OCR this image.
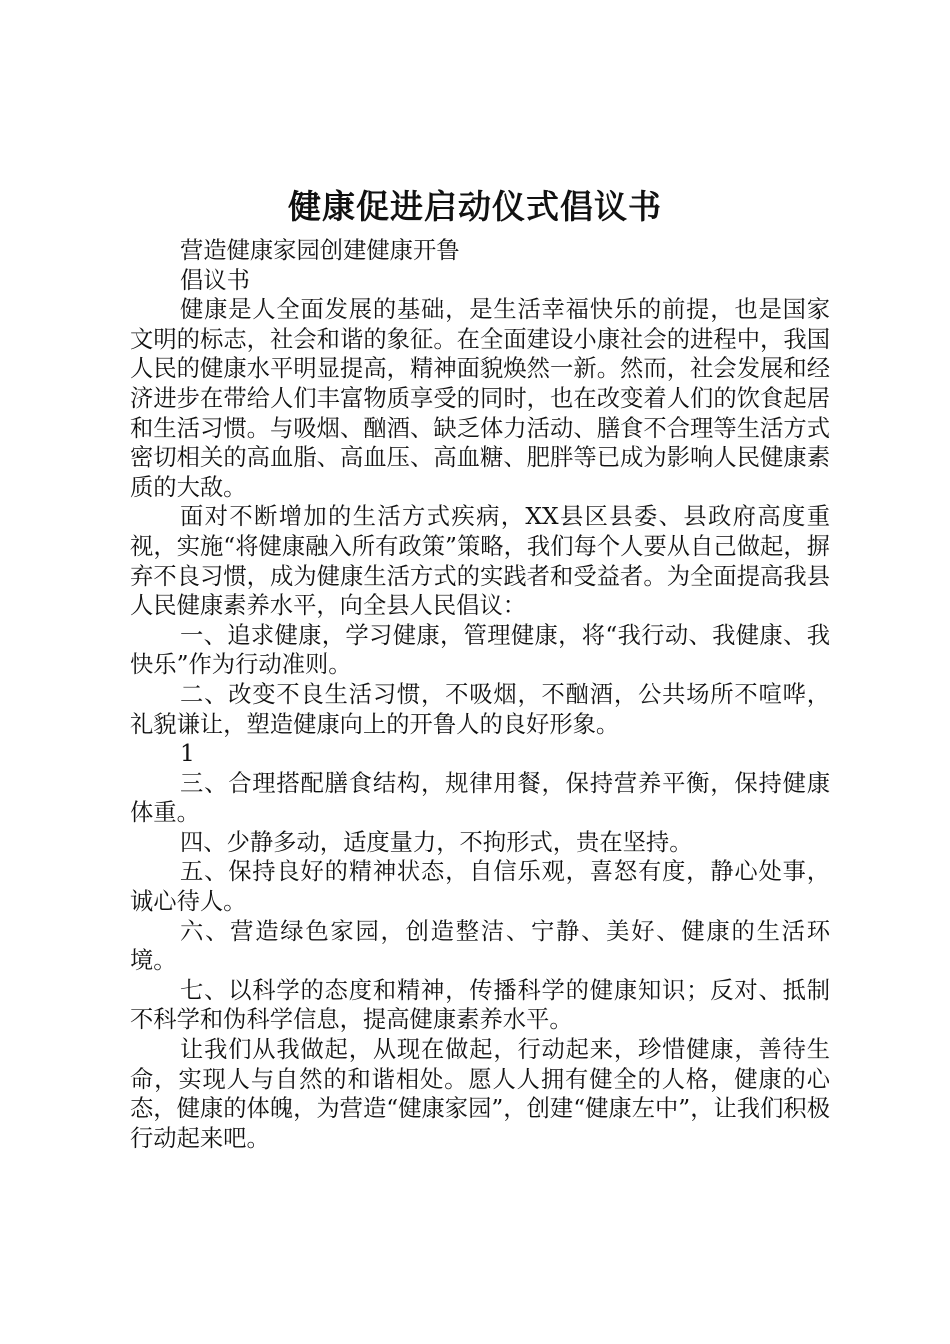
健康促进启动仪式倡议书

营造健康家园创建健康开鲁

倡议书

健康是人全面发展的基础，是生活幸福快乐的前提，也是国家文明的标志，社会和谐的象征。在全面建设小康社会的进程中，我国人民的健康水平明显提高，精神面貌焕然一新。然而，社会发展和经济进步在带给人们丰富物质享受的同时，也在改变着人们的饮食起居和生活习惯。与吸烟、酗酒、缺乏体力活动、膳食不合理等生活方式密切相关的高血脂、高血压、高血糖、肥胖等已成为影响人民健康素质的大敌。

面对不断增加的生活方式疾病，XX县区县委、县政府高度重视，实施“将健康融入所有政策”策略，我们每个人要从自己做起，摒弃不良习惯，成为健康生活方式的实践者和受益者。为全面提高我县人民健康素养水平，向全县人民倡议：

一、追求健康，学习健康，管理健康，将“我行动、我健康、我快乐”作为行动准则。

二、改变不良生活习惯，不吸烟，不酗酒，公共场所不喧哗，礼貌谦让，塑造健康向上的开鲁人的良好形象。

1

三、合理搭配膳食结构，规律用餐，保持营养平衡，保持健康体重。

四、少静多动，适度量力，不拘形式，贵在坚持。

五、保持良好的精神状态，自信乐观，喜怒有度，静心处事，诚心待人。

六、营造绿色家园，创造整洁、宁静、美好、健康的生活环境。

七、以科学的态度和精神，传播科学的健康知识；反对、抵制不科学和伪科学信息，提高健康素养水平。

让我们从我做起，从现在做起，行动起来，珍惜健康，善待生命，实现人与自然的和谐相处。愿人人拥有健全的人格，健康的心态，健康的体魄，为营造“健康家园”，创建“健康左中”，让我们积极行动起来吧。
